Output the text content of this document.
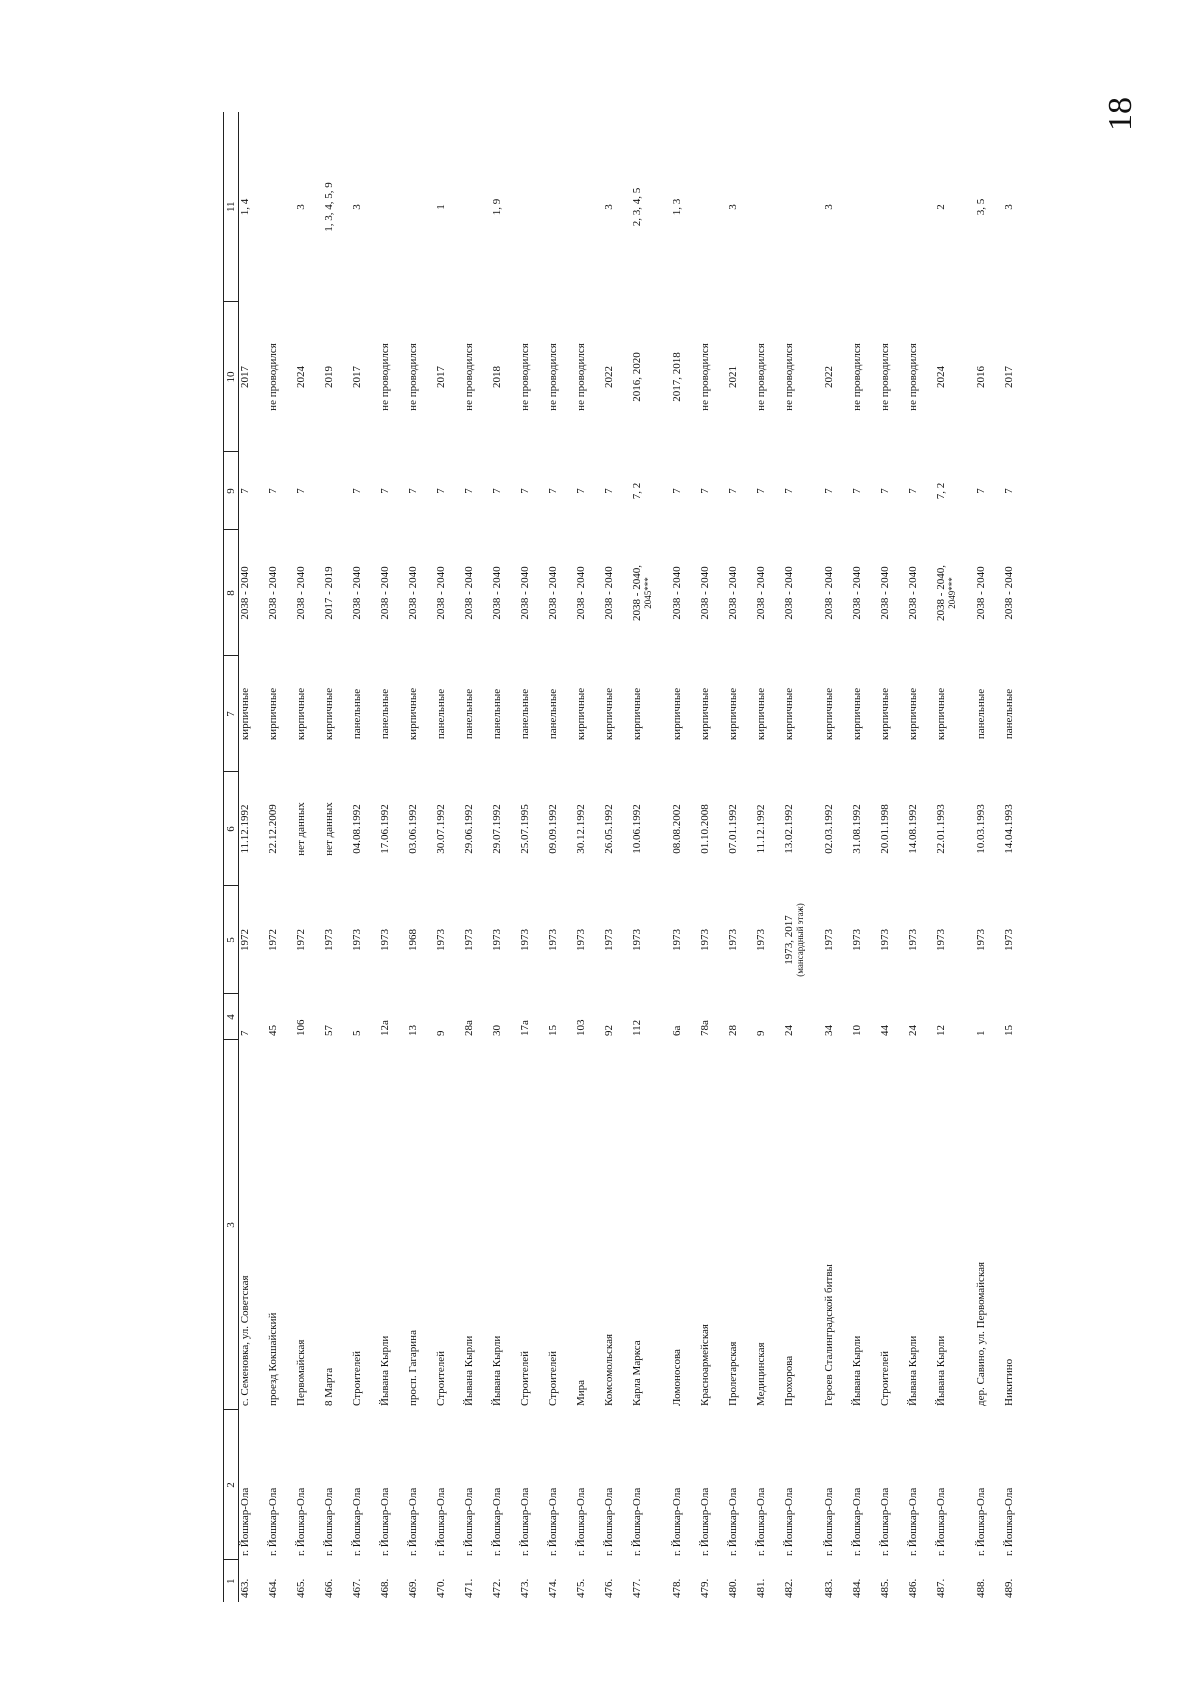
18
1	2	3	4	5	6	7	8	9	10	11
463.	г. Йошкар-Ола	с. Семеновка, ул. Советская	7	1972	11.12.1992	кирпичные	2038 - 2040	7	2017	1, 4
464.	г. Йошкар-Ола	проезд Кокшайский	45	1972	22.12.2009	кирпичные	2038 - 2040	7	не проводился	
465.	г. Йошкар-Ола	Первомайская	106	1972	нет данных	кирпичные	2038 - 2040	7	2024	3
466.	г. Йошкар-Ола	8 Марта	57	1973	нет данных	кирпичные	2017 - 2019		2019	1, 3, 4, 5, 9
467.	г. Йошкар-Ола	Строителей	5	1973	04.08.1992	панельные	2038 - 2040	7	2017	3
468.	г. Йошкар-Ола	Йывана Кырли	12а	1973	17.06.1992	панельные	2038 - 2040	7	не проводился	
469.	г. Йошкар-Ола	просп. Гагарина	13	1968	03.06.1992	кирпичные	2038 - 2040	7	не проводился	
470.	г. Йошкар-Ола	Строителей	9	1973	30.07.1992	панельные	2038 - 2040	7	2017	1
471.	г. Йошкар-Ола	Йывана Кырли	28а	1973	29.06.1992	панельные	2038 - 2040	7	не проводился	
472.	г. Йошкар-Ола	Йывана Кырли	30	1973	29.07.1992	панельные	2038 - 2040	7	2018	1, 9
473.	г. Йошкар-Ола	Строителей	17а	1973	25.07.1995	панельные	2038 - 2040	7	не проводился	
474.	г. Йошкар-Ола	Строителей	15	1973	09.09.1992	панельные	2038 - 2040	7	не проводился	
475.	г. Йошкар-Ола	Мира	103	1973	30.12.1992	кирпичные	2038 - 2040	7	не проводился	
476.	г. Йошкар-Ола	Комсомольская	92	1973	26.05.1992	кирпичные	2038 - 2040	7	2022	3
477.	г. Йошкар-Ола	Карла Маркса	112	1973	10.06.1992	кирпичные	2038 - 2040, 2045***	7, 2	2016, 2020	2, 3, 4, 5
478.	г. Йошкар-Ола	Ломоносова	6а	1973	08.08.2002	кирпичные	2038 - 2040	7	2017, 2018	1, 3
479.	г. Йошкар-Ола	Красноармейская	78а	1973	01.10.2008	кирпичные	2038 - 2040	7	не проводился	
480.	г. Йошкар-Ола	Пролетарская	28	1973	07.01.1992	кирпичные	2038 - 2040	7	2021	3
481.	г. Йошкар-Ола	Медицинская	9	1973	11.12.1992	кирпичные	2038 - 2040	7	не проводился	
482.	г. Йошкар-Ола	Прохорова	24	1973, 2017 (мансардный этаж)	13.02.1992	кирпичные	2038 - 2040	7	не проводился	
483.	г. Йошкар-Ола	Героев Сталинградской битвы	34	1973	02.03.1992	кирпичные	2038 - 2040	7	2022	3
484.	г. Йошкар-Ола	Йывана Кырли	10	1973	31.08.1992	кирпичные	2038 - 2040	7	не проводился	
485.	г. Йошкар-Ола	Строителей	44	1973	20.01.1998	кирпичные	2038 - 2040	7	не проводился	
486.	г. Йошкар-Ола	Йывана Кырли	24	1973	14.08.1992	кирпичные	2038 - 2040	7	не проводился	
487.	г. Йошкар-Ола	Йывана Кырли	12	1973	22.01.1993	кирпичные	2038 - 2040, 2049***	7, 2	2024	2
488.	г. Йошкар-Ола	дер. Савино, ул. Первомайская	1	1973	10.03.1993	панельные	2038 - 2040	7	2016	3, 5
489.	г. Йошкар-Ола	Никитино	15	1973	14.04.1993	панельные	2038 - 2040	7	2017	3
